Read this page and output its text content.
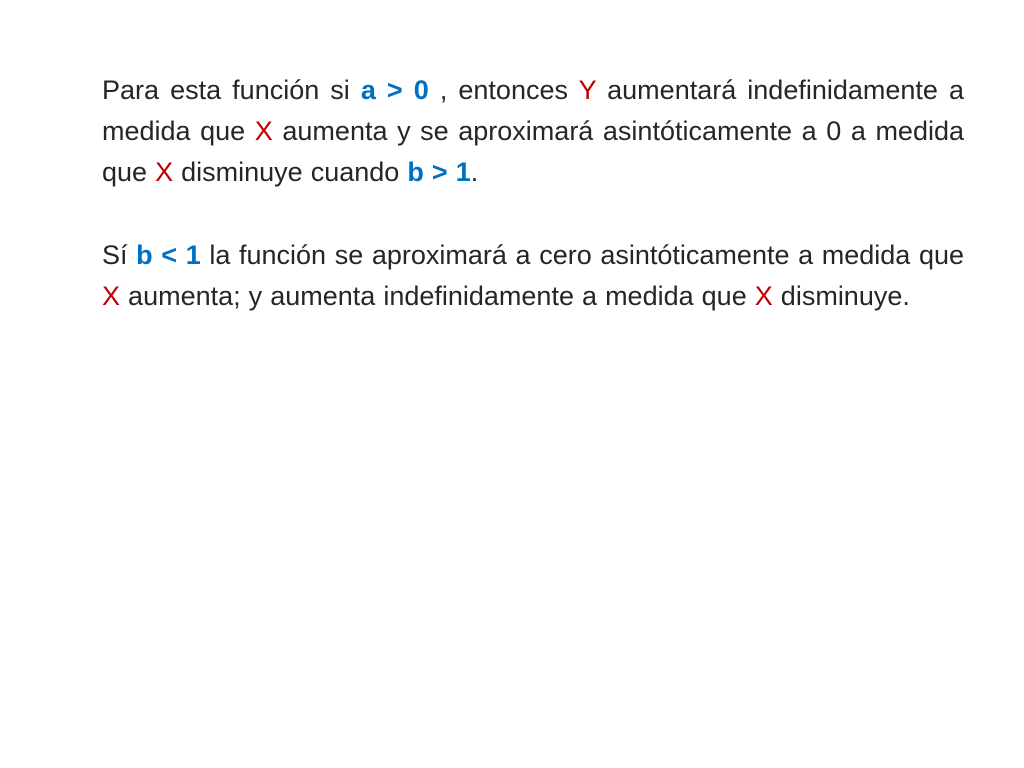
Para esta función si a > 0 , entonces Y aumentará indefinidamente a medida que X aumenta y se aproximará asintóticamente a 0 a medida que X disminuye cuando b > 1.

Sí b < 1 la función se aproximará a cero asintóticamente a medida que X aumenta; y aumenta indefinidamente a medida que X disminuye.
